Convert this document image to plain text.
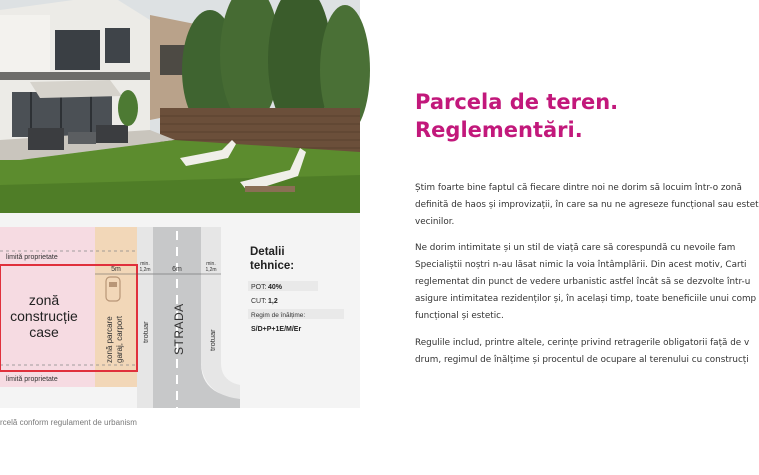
limită proprietate
limită proprietate
zonă
construcție
case	zonă parcare garaj, carport trotuar	trotuar
STRADA
5m	6m
min.
1,2m
min.
1,2m
Detalii
tehnice:
POT: 40%
CUT: 1,2
Regim de înălțime:
S/D+P+1E/M/Er
rcelă conform regulament de urbanism
Parcela de teren.
Reglementări.

Știm foarte bine faptul că fiecare dintre noi ne dorim să locuim într-o zonă
definită de haos și improvizații, în care sa nu ne agreseze funcțional sau estet
vecinilor.

Ne dorim intimitate și un stil de viață care să corespundă cu nevoile fam
Specialiștii noștri n-au lăsat nimic la voia întâmplării. Din acest motiv, Carti
reglementat din punct de vedere urbanistic astfel încât să se dezvolte într-u
asigure intimitatea rezidenților și, în același timp, toate beneficiile unui comp
funcțional și estetic.

Regulile includ, printre altele, cerințe privind retragerile obligatorii față de v
drum, regimul de înălțime și procentul de ocupare al terenului cu construcți
